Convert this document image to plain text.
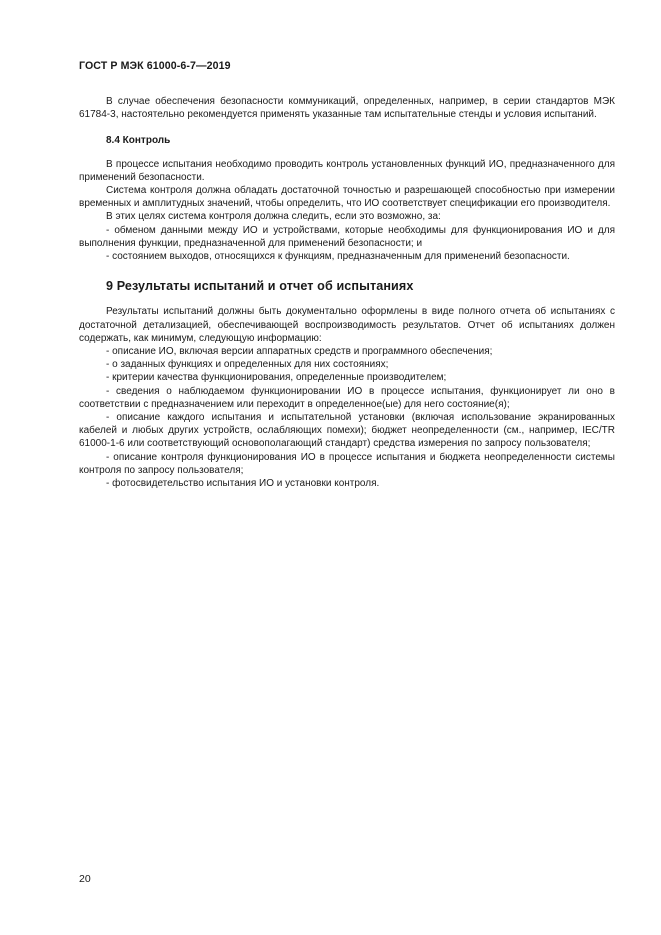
ГОСТ Р МЭК 61000-6-7—2019

В случае обеспечения безопасности коммуникаций, определенных, например, в серии стандартов МЭК 61784-3, настоятельно рекомендуется применять указанные там испытательные стенды и условия испытаний.

8.4 Контроль

В процессе испытания необходимо проводить контроль установленных функций ИО, предназначенного для применений безопасности.

Система контроля должна обладать достаточной точностью и разрешающей способностью при измерении временных и амплитудных значений, чтобы определить, что ИО соответствует спецификации его производителя.

В этих целях система контроля должна следить, если это возможно, за:

- обменом данными между ИО и устройствами, которые необходимы для функционирования ИО и для выполнения функции, предназначенной для применений безопасности; и

- состоянием выходов, относящихся к функциям, предназначенным для применений безопасности.

9 Результаты испытаний и отчет об испытаниях

Результаты испытаний должны быть документально оформлены в виде полного отчета об испытаниях с достаточной детализацией, обеспечивающей воспроизводимость результатов. Отчет об испытаниях должен содержать, как минимум, следующую информацию:

- описание ИО, включая версии аппаратных средств и программного обеспечения;

- о заданных функциях и определенных для них состояниях;

- критерии качества функционирования, определенные производителем;

- сведения о наблюдаемом функционировании ИО в процессе испытания, функционирует ли оно в соответствии с предназначением или переходит в определенное(ые) для него состояние(я);

- описание каждого испытания и испытательной установки (включая использование экранированных кабелей и любых других устройств, ослабляющих помехи); бюджет неопределенности (см., например, IEC/TR 61000-1-6 или соответствующий основополагающий стандарт) средства измерения по запросу пользователя;

- описание контроля функционирования ИО в процессе испытания и бюджета неопределенности системы контроля по запросу пользователя;

- фотосвидетельство испытания ИО и установки контроля.

20
